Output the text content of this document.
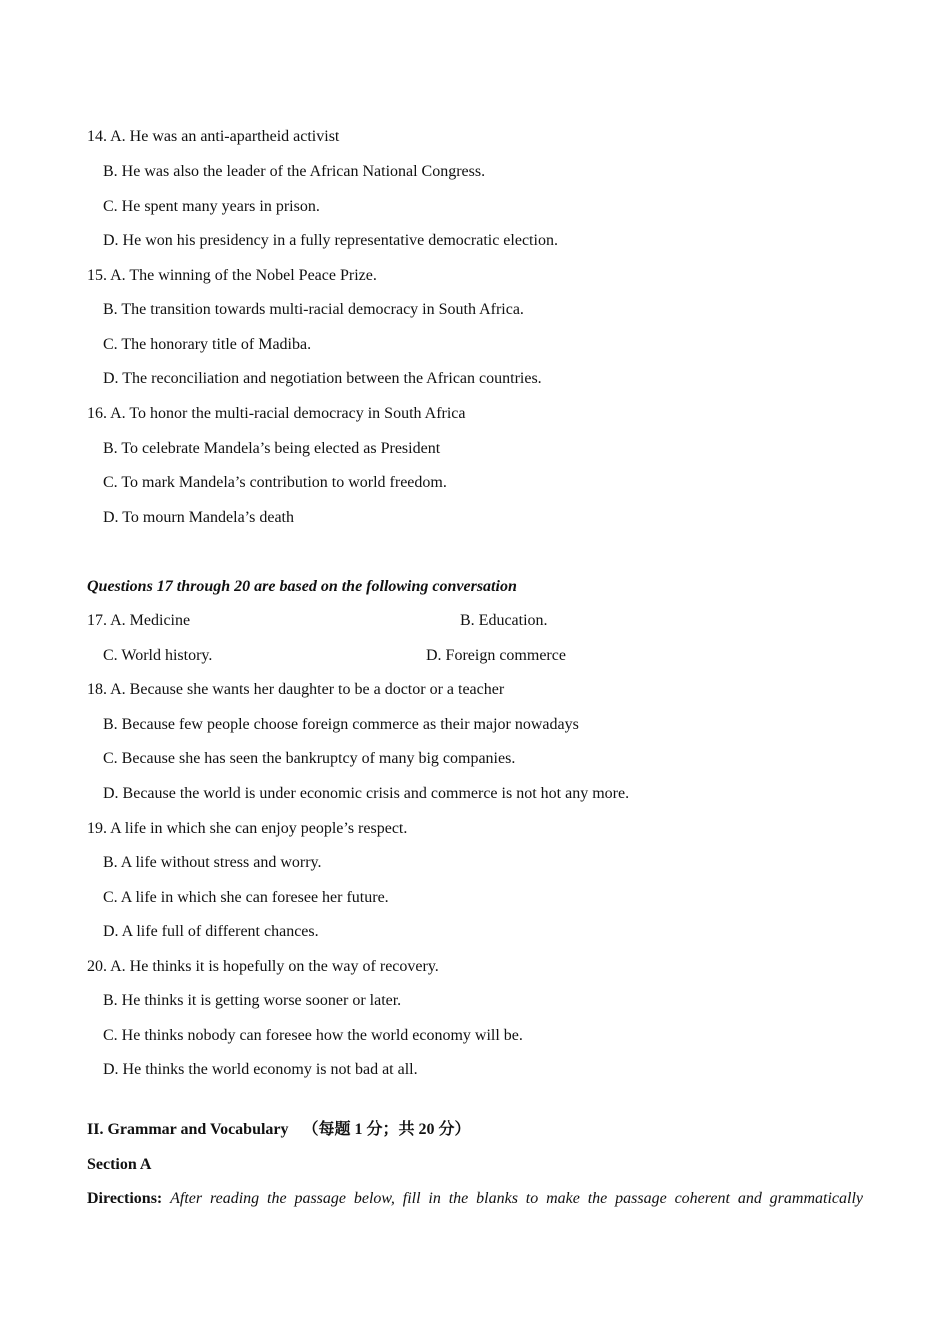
14. A. He was an anti-apartheid activist
B. He was also the leader of the African National Congress.
C. He spent many years in prison.
D. He won his presidency in a fully representative democratic election.
15. A. The winning of the Nobel Peace Prize.
B. The transition towards multi-racial democracy in South Africa.
C. The honorary title of Madiba.
D. The reconciliation and negotiation between the African countries.
16. A. To honor the multi-racial democracy in South Africa
B. To celebrate Mandela’s being elected as President
C. To mark Mandela’s contribution to world freedom.
D. To mourn Mandela’s death
Questions 17 through 20 are based on the following conversation
17. A. Medicine	B. Education.
C. World history.	D. Foreign commerce
18. A. Because she wants her daughter to be a doctor or a teacher
B. Because few people choose foreign commerce as their major nowadays
C. Because she has seen the bankruptcy of many big companies.
D. Because the world is under economic crisis and commerce is not hot any more.
19. A life in which she can enjoy people’s respect.
B. A life without stress and worry.
C. A life in which she can foresee her future.
D. A life full of different chances.
20. A. He thinks it is hopefully on the way of recovery.
B. He thinks it is getting worse sooner or later.
C. He thinks nobody can foresee how the world economy will be.
D. He thinks the world economy is not bad at all.
II. Grammar and Vocabulary （每题 1 分；共 20 分）
Section A
Directions: After reading the passage below, fill in the blanks to make the passage coherent and grammatically
